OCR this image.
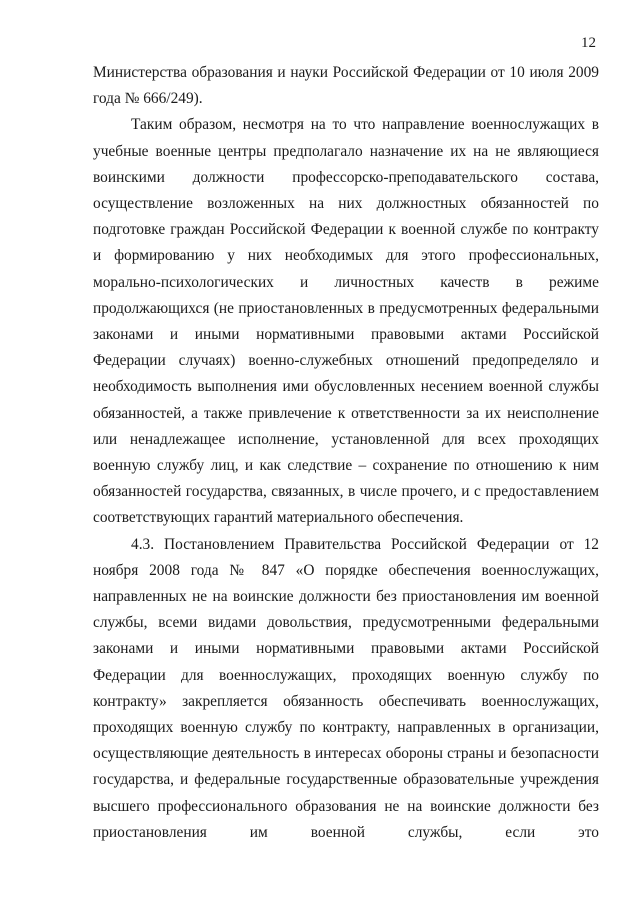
12

Министерства образования и науки Российской Федерации от 10 июля 2009 года № 666/249).

Таким образом, несмотря на то что направление военнослужащих в учебные военные центры предполагало назначение их на не являющиеся воинскими должности профессорско-преподавательского состава, осуществление возложенных на них должностных обязанностей по подготовке граждан Российской Федерации к военной службе по контракту и формированию у них необходимых для этого профессиональных, морально-психологических и личностных качеств в режиме продолжающихся (не приостановленных в предусмотренных федеральными законами и иными нормативными правовыми актами Российской Федерации случаях) военно-служебных отношений предопределяло и необходимость выполнения ими обусловленных несением военной службы обязанностей, а также привлечение к ответственности за их неисполнение или ненадлежащее исполнение, установленной для всех проходящих военную службу лиц, и как следствие – сохранение по отношению к ним обязанностей государства, связанных, в числе прочего, и с предоставлением соответствующих гарантий материального обеспечения.

4.3. Постановлением Правительства Российской Федерации от 12 ноября 2008 года № 847 «О порядке обеспечения военнослужащих, направленных не на воинские должности без приостановления им военной службы, всеми видами довольствия, предусмотренными федеральными законами и иными нормативными правовыми актами Российской Федерации для военнослужащих, проходящих военную службу по контракту» закрепляется обязанность обеспечивать военнослужащих, проходящих военную службу по контракту, направленных в организации, осуществляющие деятельность в интересах обороны страны и безопасности государства, и федеральные государственные образовательные учреждения высшего профессионального образования не на воинские должности без приостановления им военной службы, если это
